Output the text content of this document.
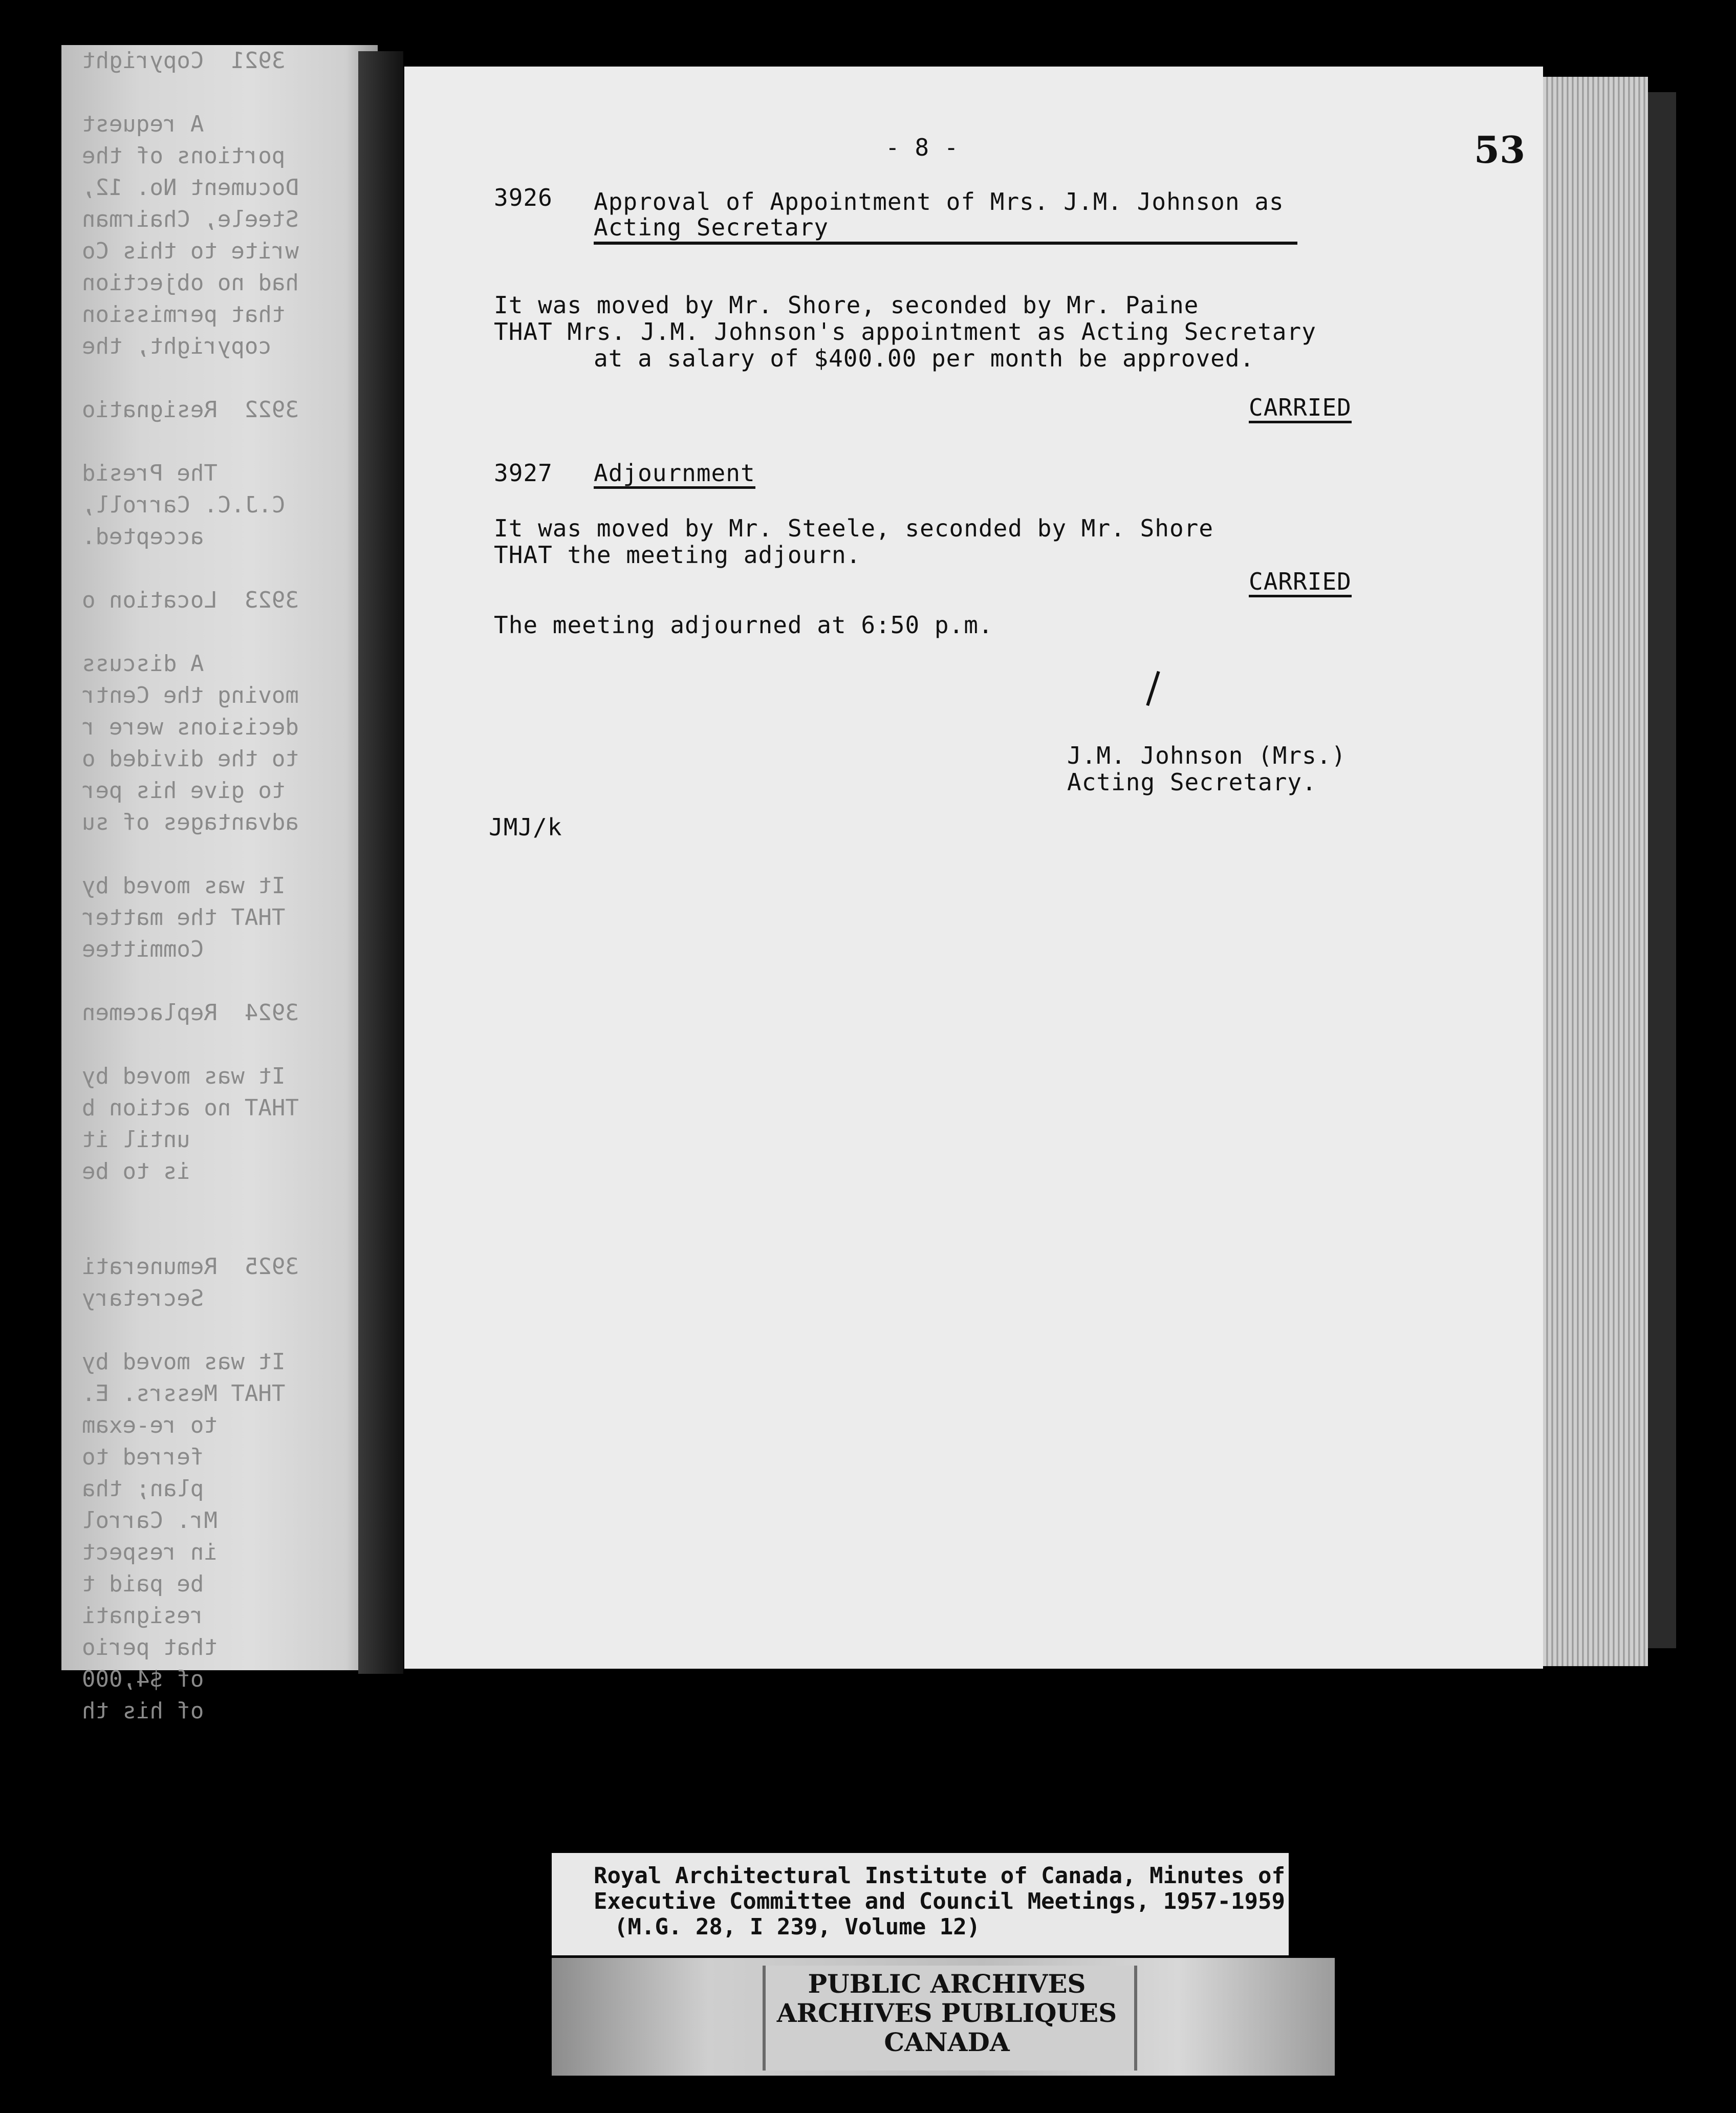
3921  Copyright

A request
portions of the
Document No. 12,
Steele, Chairman
write to this Co
had no objection
that permission
copyright, the

3922  Resignatio

The Presid
C.J.C. Carroll,
accepted.

3923  Location o

A discuss
moving the Centr
decisions were r
to the divided o
to give his per
advantages of su

It was moved by
THAT the matter
Committee

3924  Replacemen

It was moved by
THAT no action b
until it
is to be

3925  Remunerati
Secretary

It was moved by
THAT Messrs. E.
to re-exam
ferred to
plan; tha
Mr. Carrol
in respect
be paid t
resignati
that perio
of $4,000
of his th
53
- 8 -
3926 Approval of Appointment of Mrs. J.M. Johnson as
Acting Secretary
It was moved by Mr. Shore, seconded by Mr. Paine
THAT Mrs. J.M. Johnson's appointment as Acting Secretary
at a salary of $400.00 per month be approved.
CARRIED
3927 Adjournment
It was moved by Mr. Steele, seconded by Mr. Shore
THAT the meeting adjourn.
CARRIED
The meeting adjourned at 6:50 p.m.
J.M. Johnson (Mrs.)
Acting Secretary.
JMJ/k
Royal Architectural Institute of Canada, Minutes of
Executive Committee and Council Meetings, 1957-1959
(M.G. 28, I 239, Volume 12)
PUBLIC ARCHIVES
ARCHIVES PUBLIQUES
CANADA
